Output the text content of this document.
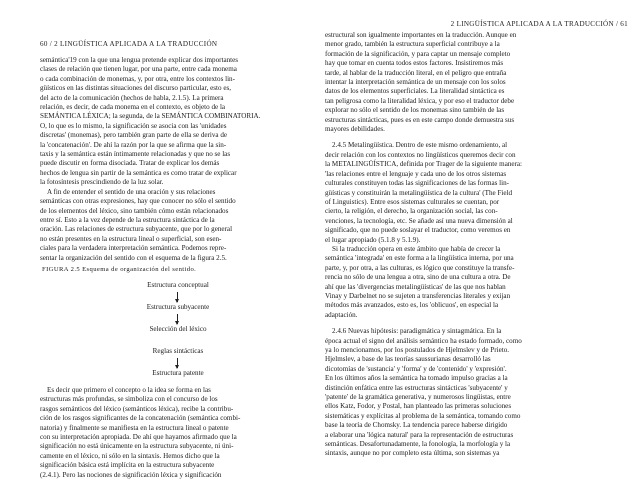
60 / 2 LINGÜÍSTICA APLICADA A LA TRADUCCIÓN
semántica'19 con la que una lengua pretende explicar dos importantes
clases de relación que tienen lugar, por una parte, entre cada monema
o cada combinación de monemas, y, por otra, entre los contextos lin-
güísticos en las distintas situaciones del discurso particular, esto es,
del acto de la comunicación (hechos de habla, 2.1.5). La primera
relación, es decir, de cada monema en el contexto, es objeto de la
SEMÁNTICA LÉXICA; la segunda, de la SEMÁNTICA COMBINATORIA.
O, lo que es lo mismo, la significación se asocia con las 'unidades
discretas' (monemas), pero también gran parte de ella se deriva de
la 'concatenación'. De ahí la razón por la que se afirma que la sin-
taxis y la semántica están íntimamente relacionadas y que no se las
puede discutir en forma disociada. Tratar de explicar los demás
hechos de lengua sin partir de la semántica es como tratar de explicar
la fotosíntesis prescindiendo de la luz solar.
A fin de entender el sentido de una oración y sus relaciones
semánticas con otras expresiones, hay que conocer no sólo el sentido
de los elementos del léxico, sino también cómo están relacionados
entre sí. Esto a la vez depende de la estructura sintáctica de la
oración. Las relaciones de estructura subyacente, que por lo general
no están presentes en la estructura lineal o superficial, son esen-
ciales para la verdadera interpretación semántica. Podemos repre-
sentar la organización del sentido con el esquema de la figura 2.5.
FIGURA 2.5 Esquema de organización del sentido.
Estructura conceptual
Estructura subyacente
Selección del léxico
Reglas sintácticas
Estructura patente
Es decir que primero el concepto o la idea se forma en las
estructuras más profundas, se simboliza con el concurso de los
rasgos semánticos del léxico (semánticos léxica), recibe la contribu-
ción de los rasgos significantes de la concatenación (semántica combi-
natoria) y finalmente se manifiesta en la estructura lineal o patente
con su interpretación apropiada. De ahí que hayamos afirmado que la
significación no está únicamente en la estructura subyacente, ni úni-
camente en el léxico, ni sólo en la sintaxis. Hemos dicho que la
significación básica está implícita en la estructura subyacente
(2.4.1). Pero las nociones de significación léxica y significación
2 LINGÜÍSTICA APLICADA A LA TRADUCCIÓN / 61
estructural son igualmente importantes en la traducción. Aunque en
menor grado, también la estructura superficial contribuye a la
formación de la significación, y para captar un mensaje completo
hay que tomar en cuenta todos estos factores. Insistiremos más
tarde, al hablar de la traducción literal, en el peligro que entraña
intentar la interpretación semántica de un mensaje con los solos
datos de los elementos superficiales. La literalidad sintáctica es
tan peligrosa como la literalidad léxica, y por eso el traductor debe
explorar no sólo el sentido de los monemas sino también de las
estructuras sintácticas, pues es en este campo donde demuestra sus
mayores debilidades.
2.4.5 Metalingüística. Dentro de este mismo ordenamiento, al
decir relación con los contextos no lingüísticos queremos decir con
la METALINGÜÍSTICA, definida por Trager de la siguiente manera:
'las relaciones entre el lenguaje y cada uno de los otros sistemas
culturales constituyen todas las significaciones de las formas lin-
güísticas y constituirán la metalingüística de la cultura' (The Field
of Linguistics). Entre esos sistemas culturales se cuentan, por
cierto, la religión, el derecho, la organización social, las con-
venciones, la tecnología, etc. Se añade así una nueva dimensión al
significado, que no puede soslayar el traductor, como veremos en
el lugar apropiado (5.1.8 y 5.1.9).
Si la traducción opera en este ámbito que había de crecer la
semántica 'integrada' en este forma a la lingüística interna, por una
parte, y, por otra, a las culturas, es lógico que constituye la transfe-
rencia no sólo de una lengua a otra, sino de una cultura a otra. De
ahí que las 'divergencias metalingüísticas' de las que nos hablan
Vinay y Darbelnet no se sujeten a transferencias literales y exijan
métodos más avanzados, esto es, los 'oblicuos', en especial la
adaptación.
2.4.6 Nuevas hipótesis: paradigmática y sintagmática. En la
época actual el signo del análisis semántico ha estado formado, como
ya lo mencionamos, por los postulados de Hjelmslev y de Prieto.
Hjelmslev, a base de las teorías saussurianas desarrolló las
dicotomías de 'sustancia' y 'forma' y de 'contenido' y 'expresión'.
En los últimos años la semántica ha tomado impulso gracias a la
distinción enfática entre las estructuras sintácticas 'subyacente' y
'patente' de la gramática generativa, y numerosos lingüistas, entre
ellos Katz, Fodor, y Postal, han planteado las primeras soluciones
sistemáticas y explícitas al problema de la semántica, tomando como
base la teoría de Chomsky. La tendencia parece haberse dirigido
a elaborar una 'lógica natural' para la representación de estructuras
semánticas. Desafortunadamente, la fonología, la morfología y la
sintaxis, aunque no por completo esta última, son sistemas ya
